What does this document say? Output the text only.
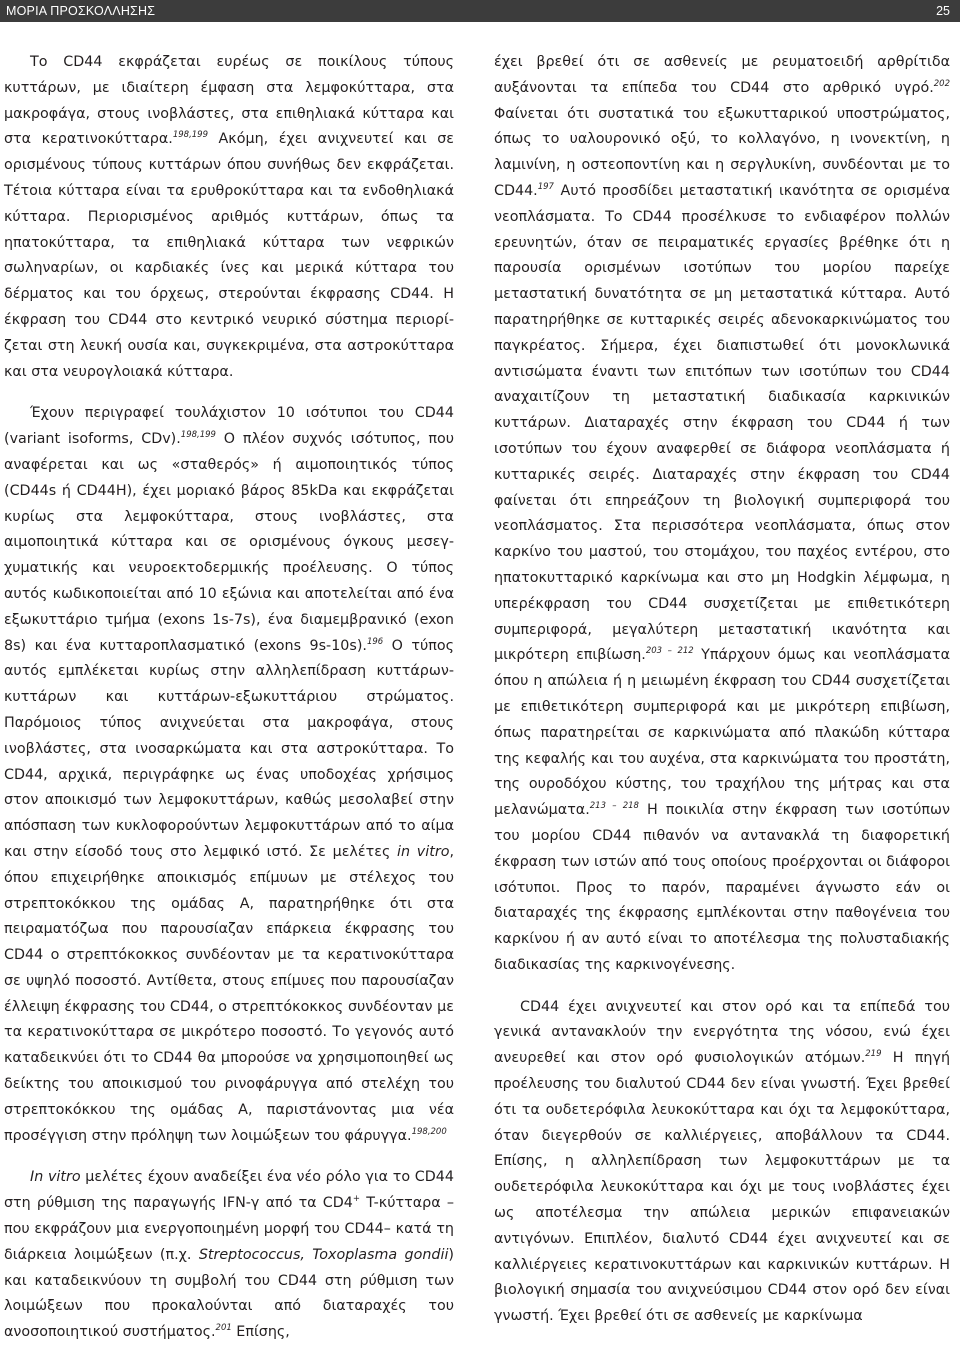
ΜΟΡΙΑ ΠΡΟΣΚΟΛΛΗΣΗΣ	25

Το CD44 εκφράζεται ευρέως σε ποικίλους τύπους κυττάρων, με ιδιαίτερη έμφαση στα λεμφοκύτταρα, στα μακροφάγα, στους ινοβλάστες, στα επιθηλιακά κύτταρα και στα κερατινοκύτταρα.$^{198,199}$ Ακόμη, έχει ανιχνευτεί και σε ορισμένους τύπους κυττάρων όπου συνήθως δεν εκφράζεται. Τέτοια κύτταρα είναι τα ερυθροκύτταρα και τα ενδοθηλιακά κύτταρα. Περιορισμένος αριθμός κυττάρων, όπως τα ηπατοκύτταρα, τα επιθηλιακά κύτταρα των νεφρικών σωληναρίων, οι καρδιακές ίνες και μερικά κύτταρα του δέρματος και του όρχεως, στερούνται έκφρασης CD44. Η έκφραση του CD44 στο κεντρικό νευρικό σύστημα περιορίζεται στη λευκή ουσία και, συγκεκριμένα, στα αστροκύτταρα και στα νευρογλοιακά κύτταρα.

Έχουν περιγραφεί τουλάχιστον 10 ισότυποι του CD44 (variant isoforms, CDv).$^{198,199}$ Ο πλέον συχνός ισότυπος, που αναφέρεται και ως «σταθερός» ή αιμοποιητικός τύπος (CD44s ή CD44H), έχει μοριακό βάρος 85kDa και εκφράζεται κυρίως στα λεμφοκύτταρα, στους ινοβλάστες, στα αιμοποιητικά κύτταρα και σε ορισμένους όγκους μεσεγχυματικής και νευροεκτοδερμικής προέλευσης. Ο τύπος αυτός κωδικοποιείται από 10 εξώνια και αποτελείται από ένα εξωκυττάριο τμήμα (exons 1s-7s), ένα διαμεμβρανικό (exon 8s) και ένα κυτταροπλασματικό (exons 9s-10s).$^{196}$ Ο τύπος αυτός εμπλέκεται κυρίως στην αλληλεπίδραση κυττάρων-κυττάρων και κυττάρων-εξωκυττάριου στρώματος. Παρόμοιος τύπος ανιχνεύεται στα μακροφάγα, στους ινοβλάστες, στα ινοσαρκώματα και στα αστροκύτταρα. Το CD44, αρχικά, περιγράφηκε ως ένας υποδοχέας χρήσιμος στον αποικισμό των λεμφοκυττάρων, καθώς μεσολαβεί στην απόσπαση των κυκλοφορούντων λεμφοκυττάρων από το αίμα και στην είσοδό τους στο λεμφικό ιστό. Σε μελέτες in vitro, όπου επιχειρήθηκε αποικισμός επίμυων με στέλεχος του στρεπτοκόκκου της ομάδας Α, παρατηρήθηκε ότι στα πειραματόζωα που παρουσίαζαν επάρκεια έκφρασης του CD44 ο στρεπτόκοκκος συνδέονταν με τα κερατινοκύτταρα σε υψηλό ποσοστό. Αντίθετα, στους επίμυες που παρουσίαζαν έλλειψη έκφρασης του CD44, ο στρεπτόκοκκος συνδέονταν με τα κερατινοκύτταρα σε μικρότερο ποσοστό. Το γεγονός αυτό καταδεικνύει ότι το CD44 θα μπορούσε να χρησιμοποιηθεί ως δείκτης του αποικισμού του ρινοφάρυγγα από στελέχη του στρεπτοκόκκου της ομάδας Α, παριστάνοντας μια νέα προσέγγιση στην πρόληψη των λοιμώξεων του φάρυγγα.$^{198,200}$

In vitro μελέτες έχουν αναδείξει ένα νέο ρόλο για το CD44 στη ρύθμιση της παραγωγής IFN-γ από τα CD4+ T-κύτταρα –που εκφράζουν μια ενεργοποιημένη μορφή του CD44– κατά τη διάρκεια λοιμώξεων (π.χ. Streptococcus, Toxoplasma gondii) και καταδεικνύουν τη συμβολή του CD44 στη ρύθμιση των λοιμώξεων που προκαλούνται από διαταραχές του ανοσοποιητικού συστήματος.$^{201}$ Επίσης,

έχει βρεθεί ότι σε ασθενείς με ρευματοειδή αρθρίτιδα αυξάνονται τα επίπεδα του CD44 στο αρθρικό υγρό.$^{202}$ Φαίνεται ότι συστατικά του εξωκυτταρικού υποστρώματος, όπως το υαλουρονικό οξύ, το κολλαγόνο, η ινονεκτίνη, η λαμινίνη, η οστεοποντίνη και η σεργλυκίνη, συνδέονται με το CD44.$^{197}$ Αυτό προσδίδει μεταστατική ικανότητα σε ορισμένα νεοπλάσματα. Το CD44 προσέλκυσε το ενδιαφέρον πολλών ερευνητών, όταν σε πειραματικές εργασίες βρέθηκε ότι η παρουσία ορισμένων ισοτύπων του μορίου παρείχε μεταστατική δυνατότητα σε μη μεταστατικά κύτταρα. Αυτό παρατηρήθηκε σε κυτταρικές σειρές αδενοκαρκινώματος του παγκρέατος. Σήμερα, έχει διαπιστωθεί ότι μονοκλωνικά αντισώματα έναντι των επιτόπων των ισοτύπων του CD44 αναχαιτίζουν τη μεταστατική διαδικασία καρκινικών κυττάρων. Διαταραχές στην έκφραση του CD44 ή των ισοτύπων του έχουν αναφερθεί σε διάφορα νεοπλάσματα ή κυτταρικές σειρές. Διαταραχές στην έκφραση του CD44 φαίνεται ότι επηρεάζουν τη βιολογική συμπεριφορά του νεοπλάσματος. Στα περισσότερα νεοπλάσματα, όπως στον καρκίνο του μαστού, του στομάχου, του παχέος εντέρου, στο ηπατοκυτταρικό καρκίνωμα και στο μη Hodgkin λέμφωμα, η υπερέκφραση του CD44 συσχετίζεται με επιθετικότερη συμπεριφορά, μεγαλύτερη μεταστατική ικανότητα και μικρότερη επιβίωση.$^{203 - 212}$ Υπάρχουν όμως και νεοπλάσματα όπου η απώλεια ή η μειωμένη έκφραση του CD44 συσχετίζεται με επιθετικότερη συμπεριφορά και με μικρότερη επιβίωση, όπως παρατηρείται σε καρκινώματα από πλακώδη κύτταρα της κεφαλής και του αυχένα, στα καρκινώματα του προστάτη, της ουροδόχου κύστης, του τραχήλου της μήτρας και στα μελανώματα.$^{213 - 218}$ Η ποικιλία στην έκφραση των ισοτύπων του μορίου CD44 πιθανόν να αντανακλά τη διαφορετική έκφραση των ιστών από τους οποίους προέρχονται οι διάφοροι ισότυποι. Προς το παρόν, παραμένει άγνωστο εάν οι διαταραχές της έκφρασης εμπλέκονται στην παθογένεια του καρκίνου ή αν αυτό είναι το αποτέλεσμα της πολυσταδιακής διαδικασίας της καρκινογένεσης.

CD44 έχει ανιχνευτεί και στον ορό και τα επίπεδά του γενικά αντανακλούν την ενεργότητα της νόσου, ενώ έχει ανευρεθεί και στον ορό φυσιολογικών ατόμων.$^{219}$ Η πηγή προέλευσης του διαλυτού CD44 δεν είναι γνωστή. Έχει βρεθεί ότι τα ουδετερόφιλα λευκοκύτταρα και όχι τα λεμφοκύτταρα, όταν διεγερθούν σε καλλιέργειες, αποβάλλουν τα CD44. Επίσης, η αλληλεπίδραση των λεμφοκυττάρων με τα ουδετερόφιλα λευκοκύτταρα και όχι με τους ινοβλάστες έχει ως αποτέλεσμα την απώλεια μερικών επιφανειακών αντιγόνων. Επιπλέον, διαλυτό CD44 έχει ανιχνευτεί και σε καλλιέργειες κερατινοκυττάρων και καρκινικών κυττάρων. Η βιολογική σημασία του ανιχνεύσιμου CD44 στον ορό δεν είναι γνωστή. Έχει βρεθεί ότι σε ασθενείς με καρκίνωμα
